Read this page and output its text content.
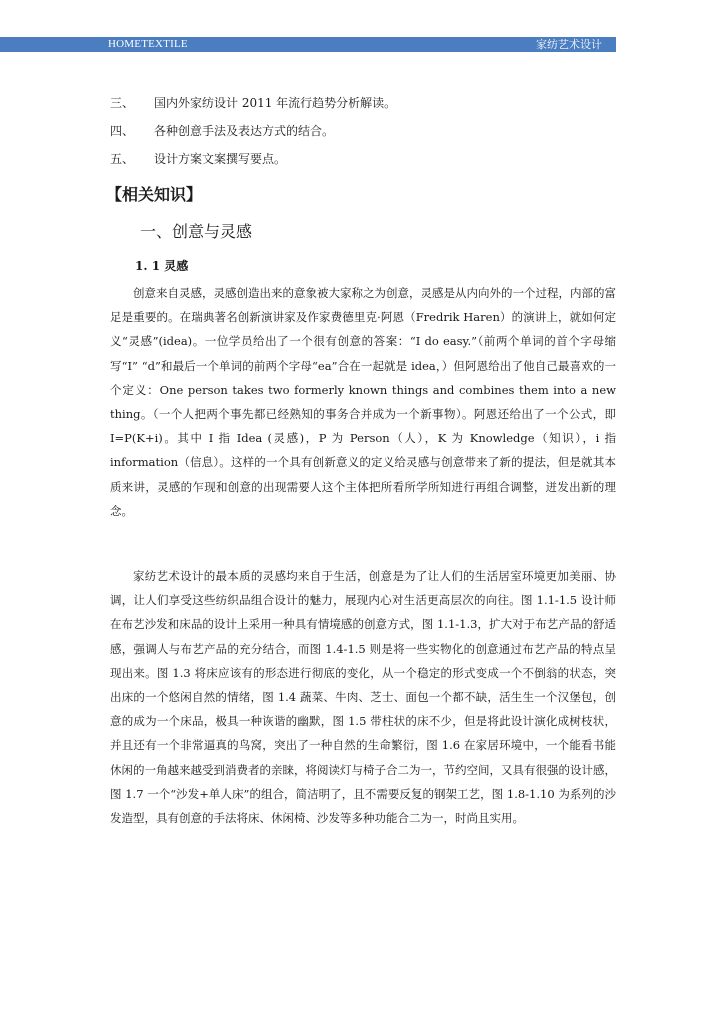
HOMETEXTILE	家纺艺术设计
三、 国内外家纺设计 2011 年流行趋势分析解读。
四、 各种创意手法及表达方式的结合。
五、 设计方案文案撰写要点。
【相关知识】
一、创意与灵感
1. 1 灵感

创意来自灵感，灵感创造出来的意象被大家称之为创意，灵感是从内向外的一个过程，内部的富足是重要的。在瑞典著名创新演讲家及作家费德里克·阿恩（Fredrik Haren）的演讲上，就如何定义“灵感”(idea)。一位学员给出了一个很有创意的答案：“I do easy.”（前两个单词的首个字母缩写“I” “d”和最后一个单词的前两个字母“ea”合在一起就是 idea，）但阿恩给出了他自己最喜欢的一个定义：One person takes two formerly known things and combines them into a new thing。（一个人把两个事先都已经熟知的事务合并成为一个新事物）。阿恩还给出了一个公式，即 I=P(K+i)。其中 I 指 Idea (灵感)，P 为 Person（人），K 为 Knowledge（知识），i 指 information（信息）。这样的一个具有创新意义的定义给灵感与创意带来了新的提法，但是就其本质来讲，灵感的乍现和创意的出现需要人这个主体把所看所学所知进行再组合调整，迸发出新的理念。

家纺艺术设计的最本质的灵感均来自于生活，创意是为了让人们的生活居室环境更加美丽、协调，让人们享受这些纺织品组合设计的魅力，展现内心对生活更高层次的向往。图 1.1-1.5 设计师在布艺沙发和床品的设计上采用一种具有情境感的创意方式，图 1.1-1.3，扩大对于布艺产品的舒适感，强调人与布艺产品的充分结合，而图 1.4-1.5 则是将一些实物化的创意通过布艺产品的特点呈现出来。图 1.3 将床应该有的形态进行彻底的变化，从一个稳定的形式变成一个不倒翁的状态，突出床的一个悠闲自然的情绪，图 1.4 蔬菜、牛肉、芝士、面包一个都不缺，活生生一个汉堡包，创意的成为一个床品，极具一种诙谐的幽默，图 1.5 带柱状的床不少，但是将此设计演化成树枝状，并且还有一个非常逼真的鸟窝，突出了一种自然的生命繁衍，图 1.6 在家居环境中，一个能看书能休闲的一角越来越受到消费者的亲睐，将阅读灯与椅子合二为一，节约空间，又具有很强的设计感，图 1.7 一个“沙发+单人床”的组合，简洁明了，且不需要反复的钢架工艺，图 1.8-1.10 为系列的沙发造型，具有创意的手法将床、休闲椅、沙发等多种功能合二为一，时尚且实用。
